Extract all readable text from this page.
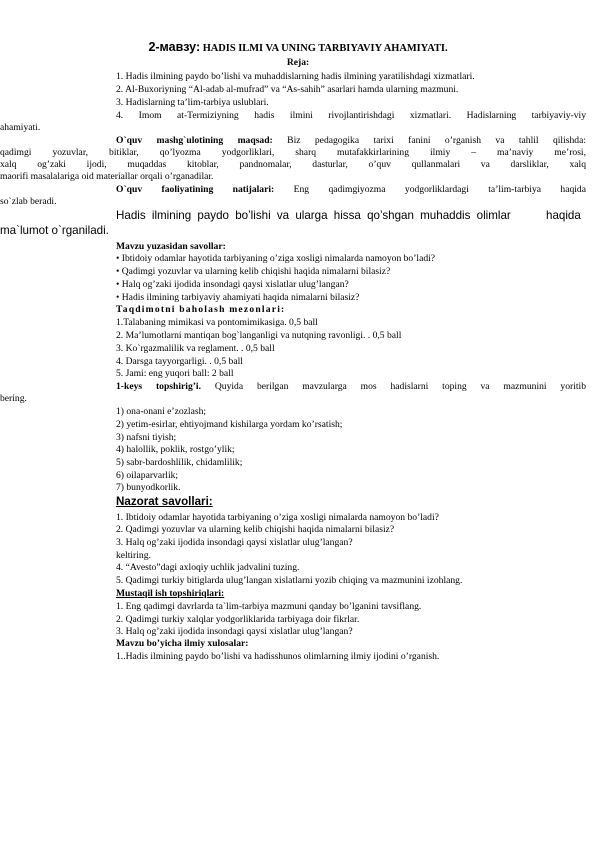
2-мавзу: HADIS ILMI VA UNING TARBIYAVIY AHAMIYATI.
Reja:
1. Hadis ilmining paydo bo’lishi va muhaddislarning hadis ilmining yaratilishdagi xizmatlari.
2. Al-Buxoriyning “Al-adab al-mufrad” va “As-sahih” asarlari hamda ularning mazmuni.
3. Hadislarning ta’lim-tarbiya uslublari.
4. Imom at-Termiziyning hadis ilmini rivojlantirishdagi xizmatlari. Hadislarning tarbiyaviy-viy
ahamiyati.
O`quv mashg`ulotining maqsad: Biz pedagogika tarixi fanini o’rganish va tahlil qilishda:
qadimgi yozuvlar, bitiklar, qo’lyozma yodgorliklari, sharq mutafakkirlarining ilmiy – ma’naviy me’rosi,
xalq og’zaki ijodi, muqaddas kitoblar, pandnomalar, dasturlar, o’quv qullanmalari va darsliklar, xalq
maorifi masalalariga oid materiallar orqali o’rganadilar.
O`quv faoliyatining natijalari: Eng qadimgiyozma yodgorliklardagi ta’lim-tarbiya haqida
so`zlab beradi.
Hadis ilmining paydo bo’lishi va ularga hissa qo’shgan muhaddis olimlar	haqida
ma`lumot o`rganiladi.
Mavzu yuzasidan savollar:
• Ibtidoiy odamlar hayotida tarbiyaning o’ziga xosligi nimalarda namoyon bo’ladi?
• Qadimgi yozuvlar va ularning kelib chiqishi haqida nimalarni bilasiz?
• Halq og’zaki ijodida insondagi qaysi xislatlar ulug’langan?
• Hadis ilmining tarbiyaviy ahamiyati haqida nimalarni bilasiz?
Taqdimotni baholash mezonlari:
1.Talabaning mimikasi va pontomimikasiga. 0,5 ball
2. Ma’lumotlarni mantiqan bog`langanligi va nutqning ravonligi. . 0,5 ball
3. Ko`rgazmalilik va reglament. . 0,5 ball
4. Darsga tayyorgarligi. . 0,5 ball
5. Jami: eng yuqori ball: 2 ball
1-keys topshirig’i. Quyida berilgan mavzularga mos hadislarni toping va mazmunini yoritib
bering.
1) ona-onani e’zozlash;
2) yetim-esirlar, ehtiyojmand kishilarga yordam ko’rsatish;
3) nafsni tiyish;
4) halollik, poklik, rostgo’ylik;
5) sabr-bardoshlilik, chidamlilik;
6) oilaparvarlik;
7) bunyodkorlik.
Nazorat savollari:
1. Ibtidoiy odamlar hayotida tarbiyaning o’ziga xosligi nimalarda namoyon bo’ladi?
2. Qadimgi yozuvlar va ularning kelib chiqishi haqida nimalarni bilasiz?
3. Halq og’zaki ijodida insondagi qaysi xislatlar ulug’langan?
keltiring.
4. “Avesto”dagi axloqiy uchlik jadvalini tuzing.
5. Qadimgi turkiy bitiglarda ulug’langan xislatlarni yozib chiqing va mazmunini izohlang.
Mustaqil ish topshiriqlari:
1. Eng qadimgi davrlarda ta`lim-tarbiya mazmuni qanday bo’lganini tavsiflang.
2. Qadimgi turkiy xalqlar yodgorliklarida tarbiyaga doir fikrlar.
3. Halq og’zaki ijodida insondagi qaysi xislatlar ulug’langan?
Mavzu bo’yicha ilmiy xulosalar:
1..Hadis ilmining paydo bo’lishi va hadisshunos olimlarning ilmiy ijodini o’rganish.
